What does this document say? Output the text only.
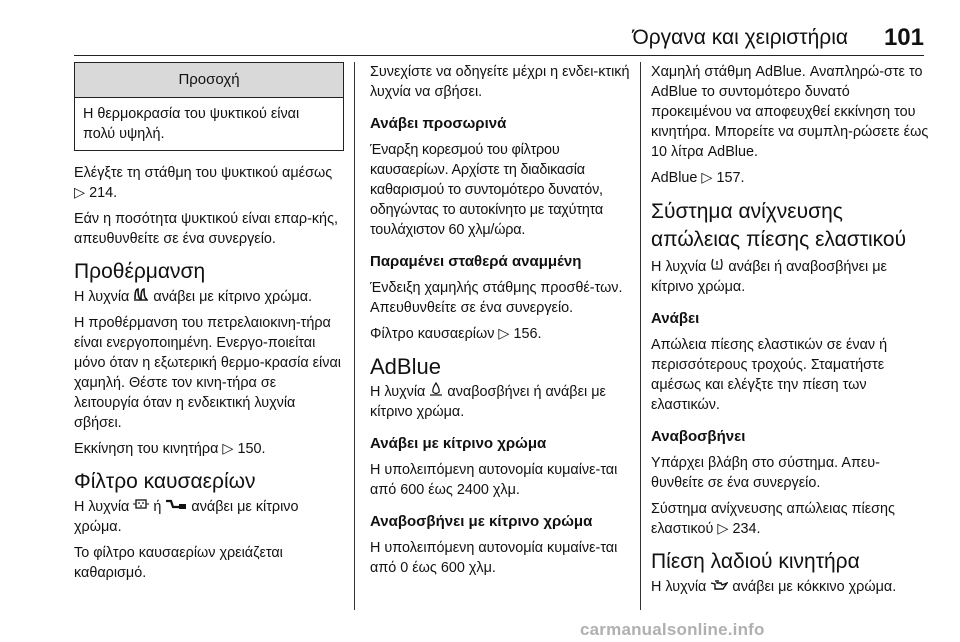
Όργανα και χειριστήρια 101
Προσοχή
Η θερμοκρασία του ψυκτικού είναι πολύ υψηλή.

Ελέγξτε τη στάθμη του ψυκτικού αμέσως ▷ 214.

Εάν η ποσότητα ψυκτικού είναι επαρ-κής, απευθυνθείτε σε ένα συνεργείο.

Προθέρμανση

Η λυχνία ανάβει με κίτρινο χρώμα.

Η προθέρμανση του πετρελαιοκινη-τήρα είναι ενεργοποιημένη. Ενεργο-ποιείται μόνο όταν η εξωτερική θερμο-κρασία είναι χαμηλή. Θέστε τον κινη-τήρα σε λειτουργία όταν η ενδεικτική λυχνία σβήσει.

Εκκίνηση του κινητήρα ▷ 150.

Φίλτρο καυσαερίων

Η λυχνία ή ανάβει με κίτρινο χρώμα.

Το φίλτρο καυσαερίων χρειάζεται καθαρισμό.

Συνεχίστε να οδηγείτε μέχρι η ενδει-κτική λυχνία να σβήσει.

Ανάβει προσωρινά

Έναρξη κορεσμού του φίλτρου καυσαερίων. Αρχίστε τη διαδικασία καθαρισμού το συντομότερο δυνατόν, οδηγώντας το αυτοκίνητο με ταχύτητα τουλάχιστον 60 χλμ/ώρα.

Παραμένει σταθερά αναμμένη

Ένδειξη χαμηλής στάθμης προσθέ-των. Απευθυνθείτε σε ένα συνεργείο.

Φίλτρο καυσαερίων ▷ 156.

AdBlue

Η λυχνία αναβοσβήνει ή ανάβει με κίτρινο χρώμα.

Ανάβει με κίτρινο χρώμα

Η υπολειπόμενη αυτονομία κυμαίνε-ται από 600 έως 2400 χλμ.

Αναβοσβήνει με κίτρινο χρώμα

Η υπολειπόμενη αυτονομία κυμαίνε-ται από 0 έως 600 χλμ.

Χαμηλή στάθμη AdBlue. Αναπληρώ-στε το AdBlue το συντομότερο δυνατό προκειμένου να αποφευχθεί εκκίνηση του κινητήρα. Μπορείτε να συμπλη-ρώσετε έως 10 λίτρα AdBlue.

AdBlue ▷ 157.

Σύστημα ανίχνευσης απώλειας πίεσης ελαστικού

Η λυχνία ανάβει ή αναβοσβήνει με κίτρινο χρώμα.

Ανάβει

Απώλεια πίεσης ελαστικών σε έναν ή περισσότερους τροχούς. Σταματήστε αμέσως και ελέγξτε την πίεση των ελαστικών.

Αναβοσβήνει

Υπάρχει βλάβη στο σύστημα. Απευ-θυνθείτε σε ένα συνεργείο.

Σύστημα ανίχνευσης απώλειας πίεσης ελαστικού ▷ 234.

Πίεση λαδιού κινητήρα

Η λυχνία ανάβει με κόκκινο χρώμα.

carmanualsonline.info
